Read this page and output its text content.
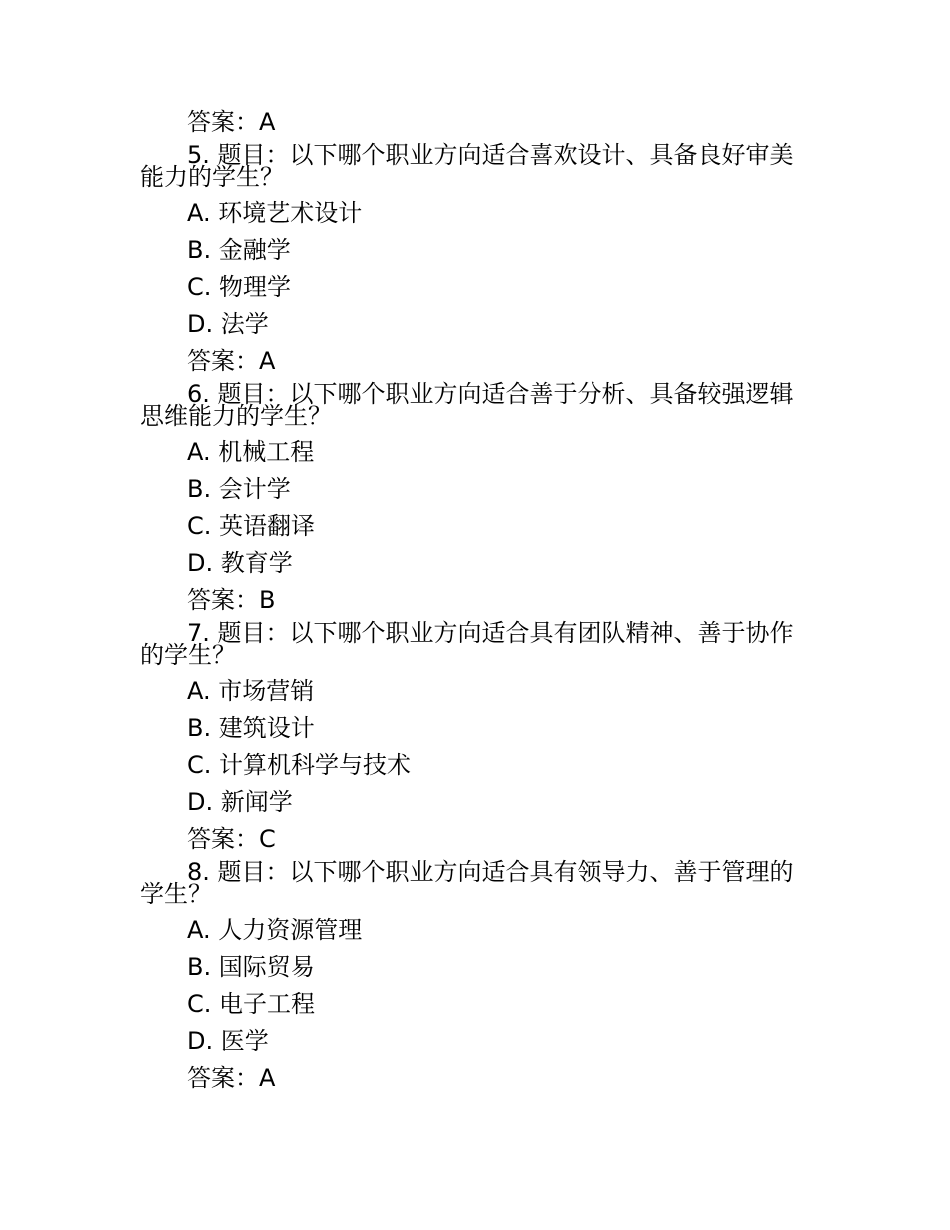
答案：A
5. 题目：以下哪个职业方向适合喜欢设计、具备良好审美
能力的学生？
A. 环境艺术设计
B. 金融学
C. 物理学
D. 法学
答案：A
6. 题目：以下哪个职业方向适合善于分析、具备较强逻辑
思维能力的学生？
A. 机械工程
B. 会计学
C. 英语翻译
D. 教育学
答案：B
7. 题目：以下哪个职业方向适合具有团队精神、善于协作
的学生？
A. 市场营销
B. 建筑设计
C. 计算机科学与技术
D. 新闻学
答案：C
8. 题目：以下哪个职业方向适合具有领导力、善于管理的
学生？
A. 人力资源管理
B. 国际贸易
C. 电子工程
D. 医学
答案：A
